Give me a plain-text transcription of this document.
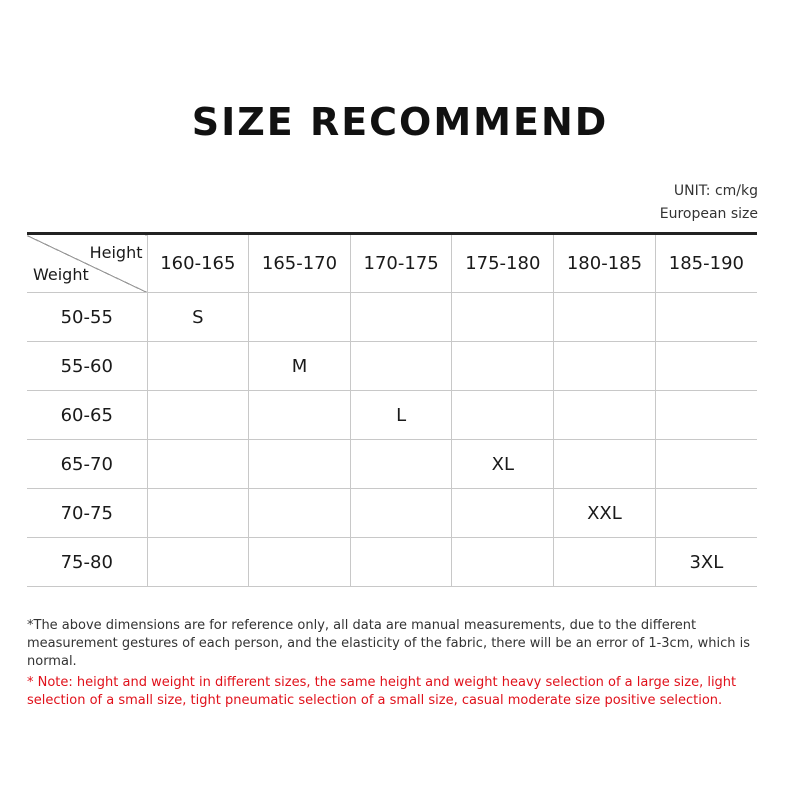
SIZE RECOMMEND
UNIT: cm/kg
European size
Height
Weight	160-165	165-170	170-175	175-180	180-185	185-190
50-55	S					
55-60		M				
60-65			L			
65-70				XL		
70-75					XXL	
75-80						3XL
*The above dimensions are for reference only, all data are manual measurements, due to the different measurement gestures of each person, and the elasticity of the fabric, there will be an error of 1-3cm, which is normal.
* Note: height and weight in different sizes, the same height and weight heavy selection of a large size, light selection of a small size, tight pneumatic selection of a small size, casual moderate size positive selection.
